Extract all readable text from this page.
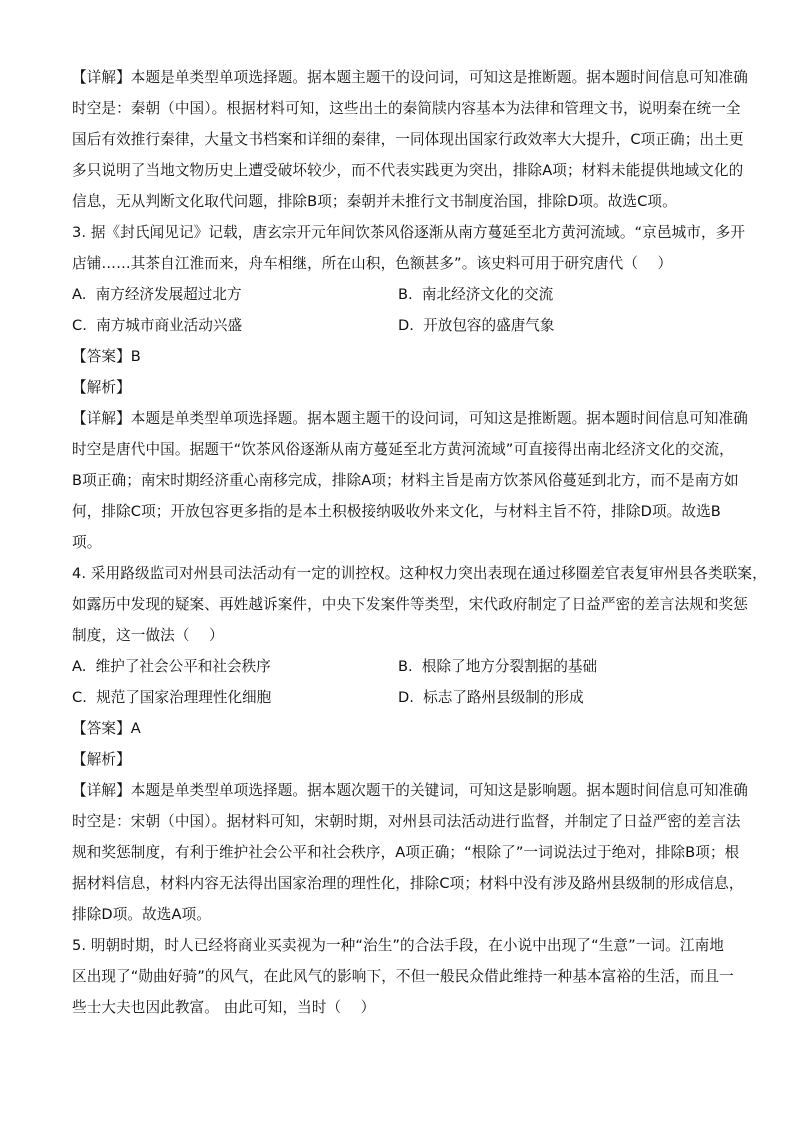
【详解】本题是单类型单项选择题。据本题主题干的设问词，可知这是推断题。据本题时间信息可知准确
时空是：秦朝（中国）。根据材料可知，这些出土的秦简牍内容基本为法律和管理文书，说明秦在统一全
国后有效推行秦律，大量文书档案和详细的秦律，一同体现出国家行政效率大大提升，C项正确；出土更
多只说明了当地文物历史上遭受破坏较少，而不代表实践更为突出，排除A项；材料未能提供地域文化的
信息，无从判断文化取代问题，排除B项；秦朝并未推行文书制度治国，排除D项。故选C项。
3. 据《封氏闻见记》记载，唐玄宗开元年间饮茶风俗逐渐从南方蔓延至北方黄河流域。“京邑城市，多开
店铺……其茶自江淮而来，舟车相继，所在山积，色额甚多”。该史料可用于研究唐代（　 ）
A.  南方经济发展超过北方	B.  南北经济文化的交流
C.  南方城市商业活动兴盛	D.  开放包容的盛唐气象
【答案】B
【解析】
【详解】本题是单类型单项选择题。据本题主题干的设问词，可知这是推断题。据本题时间信息可知准确
时空是唐代中国。据题干“饮茶风俗逐渐从南方蔓延至北方黄河流域”可直接得出南北经济文化的交流，
B项正确；南宋时期经济重心南移完成，排除A项；材料主旨是南方饮茶风俗蔓延到北方，而不是南方如
何，排除C项；开放包容更多指的是本土积极接纳吸收外来文化，与材料主旨不符，排除D项。故选B
项。
4. 采用路级监司对州县司法活动有一定的训控权。这种权力突出表现在通过移圈差官表复审州县各类联案，
如露历中发现的疑案、再姓越诉案件，中央下发案件等类型，宋代政府制定了日益严密的差言法规和奖惩
制度，这一做法（　 ）
A.  维护了社会公平和社会秩序	B.  根除了地方分裂割据的基础
C.  规范了国家治理理性化细胞	D.  标志了路州县级制的形成
【答案】A
【解析】
【详解】本题是单类型单项选择题。据本题次题干的关键词，可知这是影响题。据本题时间信息可知准确
时空是：宋朝（中国）。据材料可知，宋朝时期，对州县司法活动进行监督，并制定了日益严密的差言法
规和奖惩制度，有利于维护社会公平和社会秩序，A项正确；“根除了”一词说法过于绝对，排除B项；根
据材料信息，材料内容无法得出国家治理的理性化，排除C项；材料中没有涉及路州县级制的形成信息，
排除D项。故选A项。
5. 明朝时期，时人已经将商业买卖视为一种“治生”的合法手段，在小说中出现了“生意”一词。江南地
区出现了“勋曲好骑”的风气，在此风气的影响下，不但一般民众借此维持一种基本富裕的生活，而且一
些士大夫也因此教富。 由此可知，当时（　 ）
